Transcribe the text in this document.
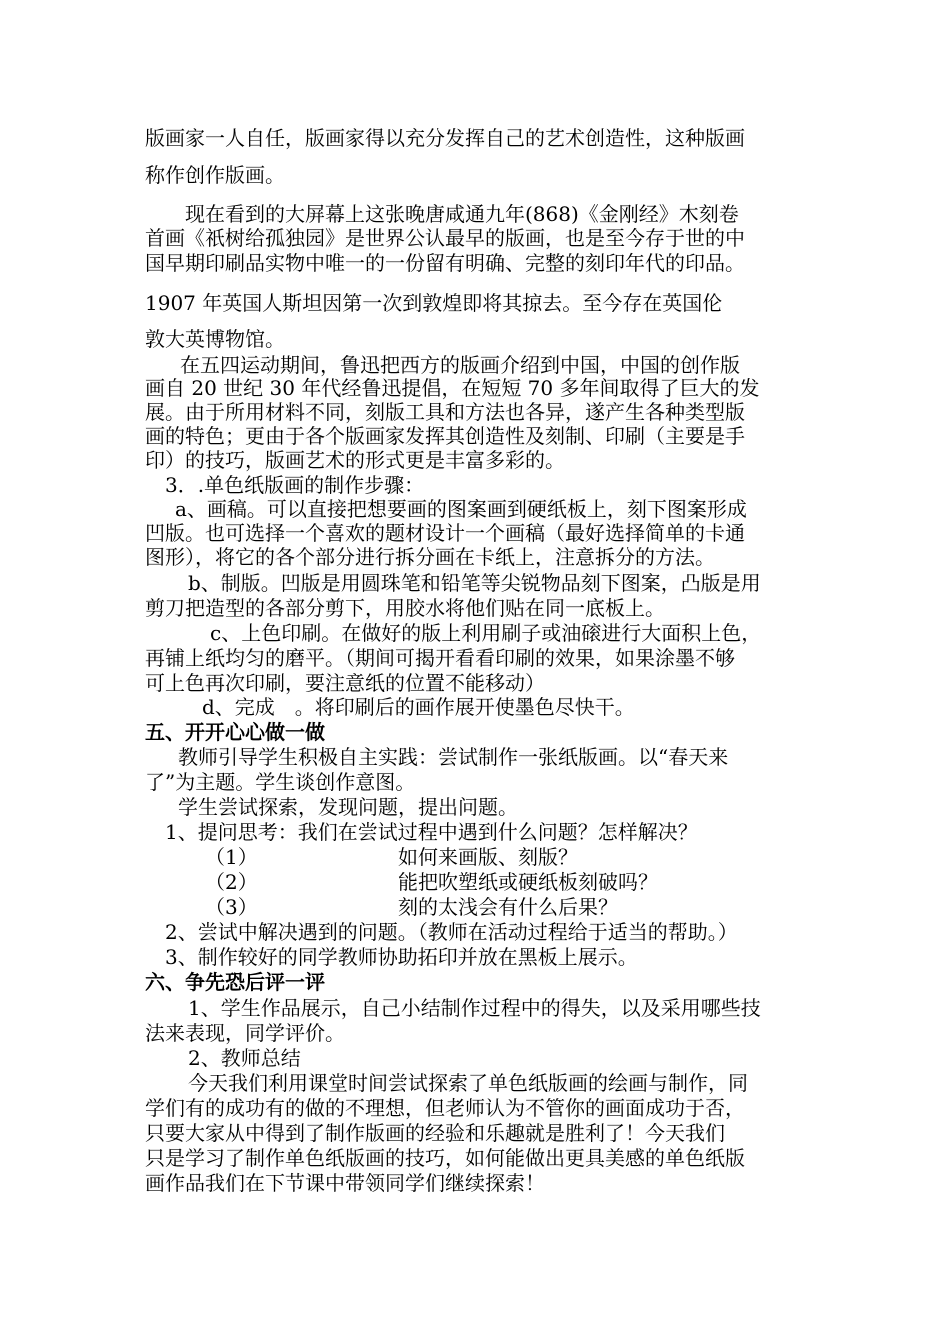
版画家一人自任，版画家得以充分发挥自己的艺术创造性，这种版画
称作创作版画。
现在看到的大屏幕上这张晚唐咸通九年(868)《金刚经》木刻卷
首画《祇树给孤独园》是世界公认最早的版画，也是至今存于世的中
国早期印刷品实物中唯一的一份留有明确、完整的刻印年代的印品。
1907 年英国人斯坦因第一次到敦煌即将其掠去。至今存在英国伦
敦大英博物馆。
在五四运动期间，鲁迅把西方的版画介绍到中国，中国的创作版
画自 20 世纪 30 年代经鲁迅提倡，在短短 70 多年间取得了巨大的发
展。由于所用材料不同，刻版工具和方法也各异，遂产生各种类型版
画的特色；更由于各个版画家发挥其创造性及刻制、印刷（主要是手
印）的技巧，版画艺术的形式更是丰富多彩的。
3．.单色纸版画的制作步骤：
a、画稿。可以直接把想要画的图案画到硬纸板上，刻下图案形成
凹版。也可选择一个喜欢的题材设计一个画稿（最好选择简单的卡通
图形），将它的各个部分进行拆分画在卡纸上，注意拆分的方法。
b、制版。凹版是用圆珠笔和铅笔等尖锐物品刻下图案，凸版是用
剪刀把造型的各部分剪下，用胶水将他们贴在同一底板上。
c、上色印刷。在做好的版上利用刷子或油磙进行大面积上色，
再铺上纸均匀的磨平。（期间可揭开看看印刷的效果，如果涂墨不够
可上色再次印刷，要注意纸的位置不能移动）
d、完成　。将印刷后的画作展开使墨色尽快干。
五、开开心心做一做
教师引导学生积极自主实践：尝试制作一张纸版画。以“春天来
了”为主题。学生谈创作意图。
学生尝试探索，发现问题，提出问题。
1、提问思考：我们在尝试过程中遇到什么问题？怎样解决？
（1）	如何来画版、刻版？
（2）	能把吹塑纸或硬纸板刻破吗？
（3）	刻的太浅会有什么后果？
2、尝试中解决遇到的问题。（教师在活动过程给于适当的帮助。）
3、制作较好的同学教师协助拓印并放在黑板上展示。
六、争先恐后评一评
1、学生作品展示，自己小结制作过程中的得失，以及采用哪些技
法来表现，同学评价。
2、教师总结
今天我们利用课堂时间尝试探索了单色纸版画的绘画与制作，同
学们有的成功有的做的不理想，但老师认为不管你的画面成功于否，
只要大家从中得到了制作版画的经验和乐趣就是胜利了！今天我们
只是学习了制作单色纸版画的技巧，如何能做出更具美感的单色纸版
画作品我们在下节课中带领同学们继续探索！
